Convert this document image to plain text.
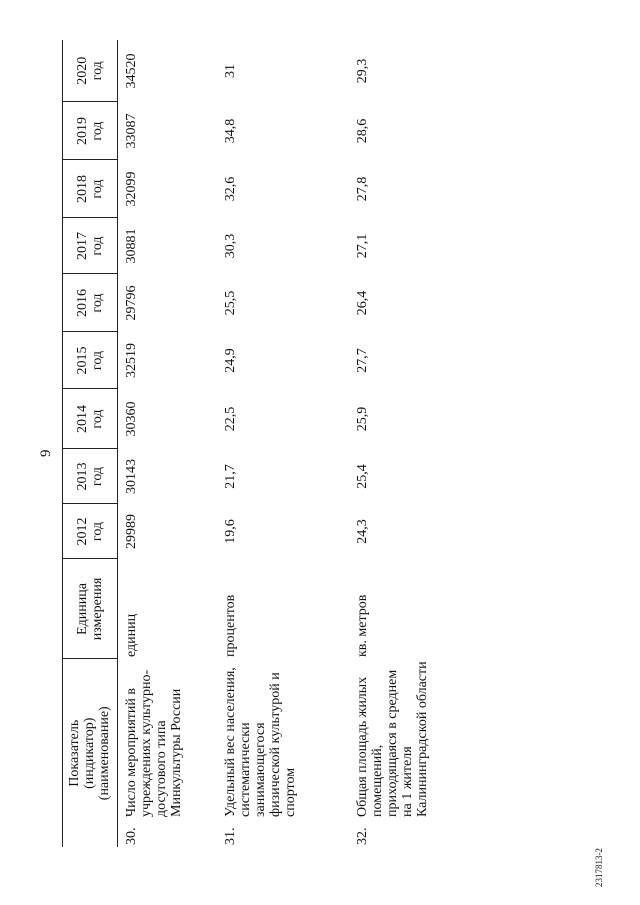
9
Показатель (индикатор) (наименование)		Единица измерения	2012 год	2013 год	2014 год	2015 год	2016 год	2017 год	2018 год	2019 год	2020 год

30.	Число мероприятий в учреждениях культурно-досугового типа Минкультуры России	единиц	29989	30143	30360	32519	29796	30881	32099	33087	34520
31.	Удельный вес населения, систематически занимающегося физической культурой и спортом	процентов	19,6	21,7	22,5	24,9	25,5	30,3	32,6	34,8	31
32.	Общая площадь жилых помещений, приходящаяся в среднем на 1 жителя Калининградской области	кв. метров	24,3	25,4	25,9	27,7	26,4	27,1	27,8	28,6	29,3
2317813-2
